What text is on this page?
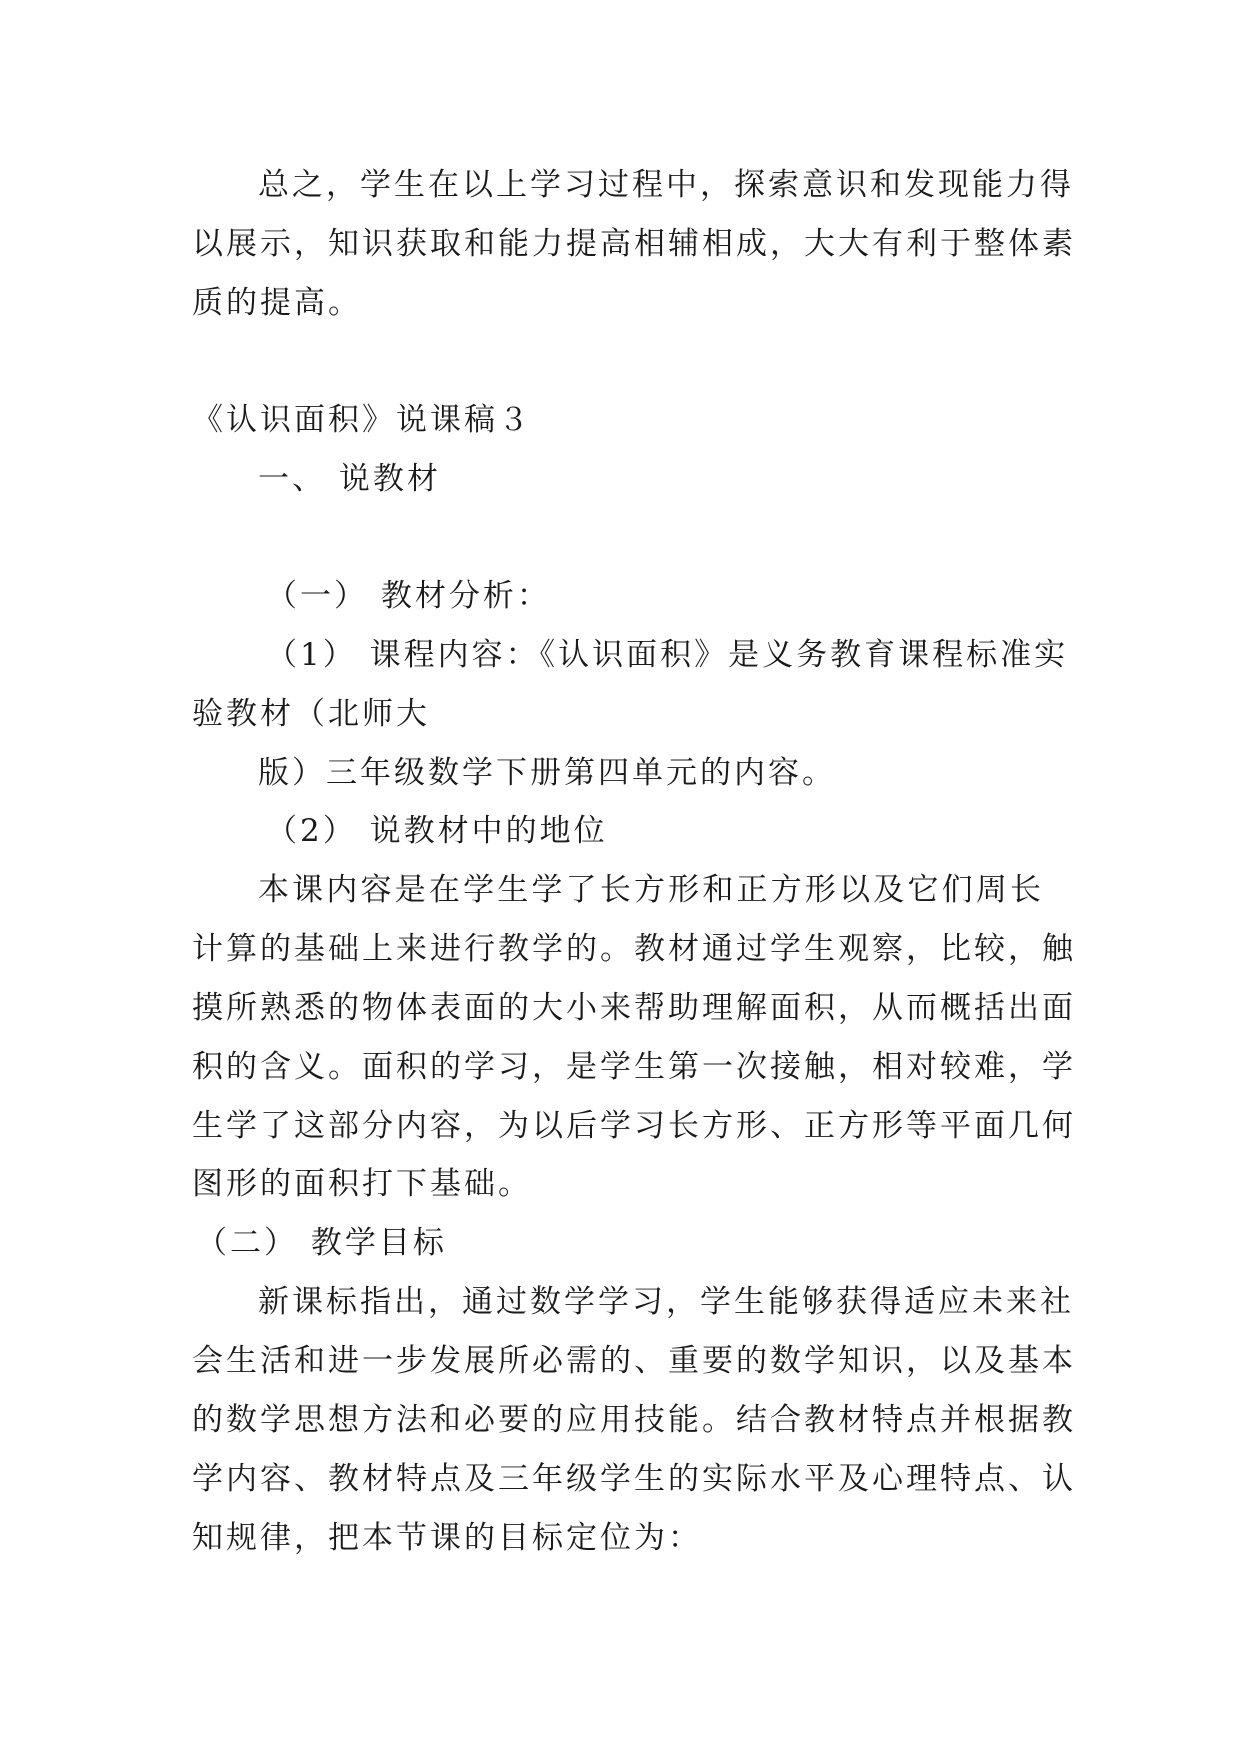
总之，学生在以上学习过程中，探索意识和发现能力得
以展示，知识获取和能力提高相辅相成，大大有利于整体素
质的提高。
《认识面积》说课稿３
一、 说教材
（一） 教材分析：
（1） 课程内容：《认识面积》是义务教育课程标准实
验教材（北师大
版）三年级数学下册第四单元的内容。
（2） 说教材中的地位
本课内容是在学生学了长方形和正方形以及它们周长
计算的基础上来进行教学的。教材通过学生观察，比较，触
摸所熟悉的物体表面的大小来帮助理解面积，从而概括出面
积的含义。面积的学习，是学生第一次接触，相对较难，学
生学了这部分内容，为以后学习长方形、正方形等平面几何
图形的面积打下基础。
（二） 教学目标
新课标指出，通过数学学习，学生能够获得适应未来社
会生活和进一步发展所必需的、重要的数学知识，以及基本
的数学思想方法和必要的应用技能。结合教材特点并根据教
学内容、教材特点及三年级学生的实际水平及心理特点、认
知规律，把本节课的目标定位为：
